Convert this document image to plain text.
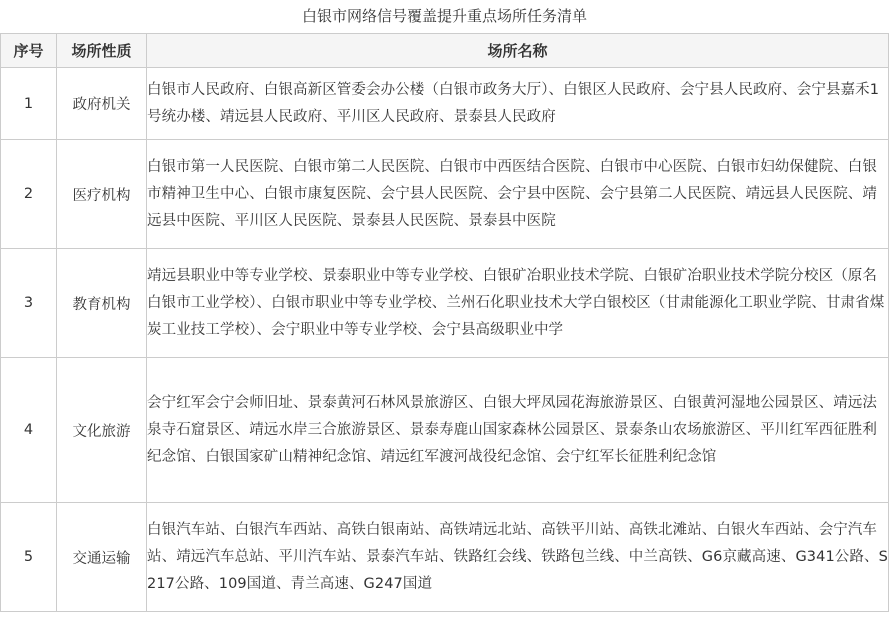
白银市网络信号覆盖提升重点场所任务清单
序号	场所性质	场所名称
1	政府机关	白银市人民政府、白银高新区管委会办公楼（白银市政务大厅）、白银区人民政府、会宁县人民政府、会宁县嘉禾1号统办楼、靖远县人民政府、平川区人民政府、景泰县人民政府
2	医疗机构	白银市第一人民医院、白银市第二人民医院、白银市中西医结合医院、白银市中心医院、白银市妇幼保健院、白银市精神卫生中心、白银市康复医院、会宁县人民医院、会宁县中医院、会宁县第二人民医院、靖远县人民医院、靖远县中医院、平川区人民医院、景泰县人民医院、景泰县中医院
3	教育机构	靖远县职业中等专业学校、景泰职业中等专业学校、白银矿冶职业技术学院、白银矿冶职业技术学院分校区（原名白银市工业学校）、白银市职业中等专业学校、兰州石化职业技术大学白银校区（甘肃能源化工职业学院、甘肃省煤炭工业技工学校）、会宁职业中等专业学校、会宁县高级职业中学
4	文化旅游	会宁红军会宁会师旧址、景泰黄河石林风景旅游区、白银大坪凤园花海旅游景区、白银黄河湿地公园景区、靖远法泉寺石窟景区、靖远水岸三合旅游景区、景泰寿鹿山国家森林公园景区、景泰条山农场旅游区、平川红军西征胜利纪念馆、白银国家矿山精神纪念馆、靖远红军渡河战役纪念馆、会宁红军长征胜利纪念馆
5	交通运输	白银汽车站、白银汽车西站、高铁白银南站、高铁靖远北站、高铁平川站、高铁北滩站、白银火车西站、会宁汽车站、靖远汽车总站、平川汽车站、景泰汽车站、铁路红会线、铁路包兰线、中兰高铁、G6京藏高速、G341公路、S217公路、109国道、青兰高速、G247国道
